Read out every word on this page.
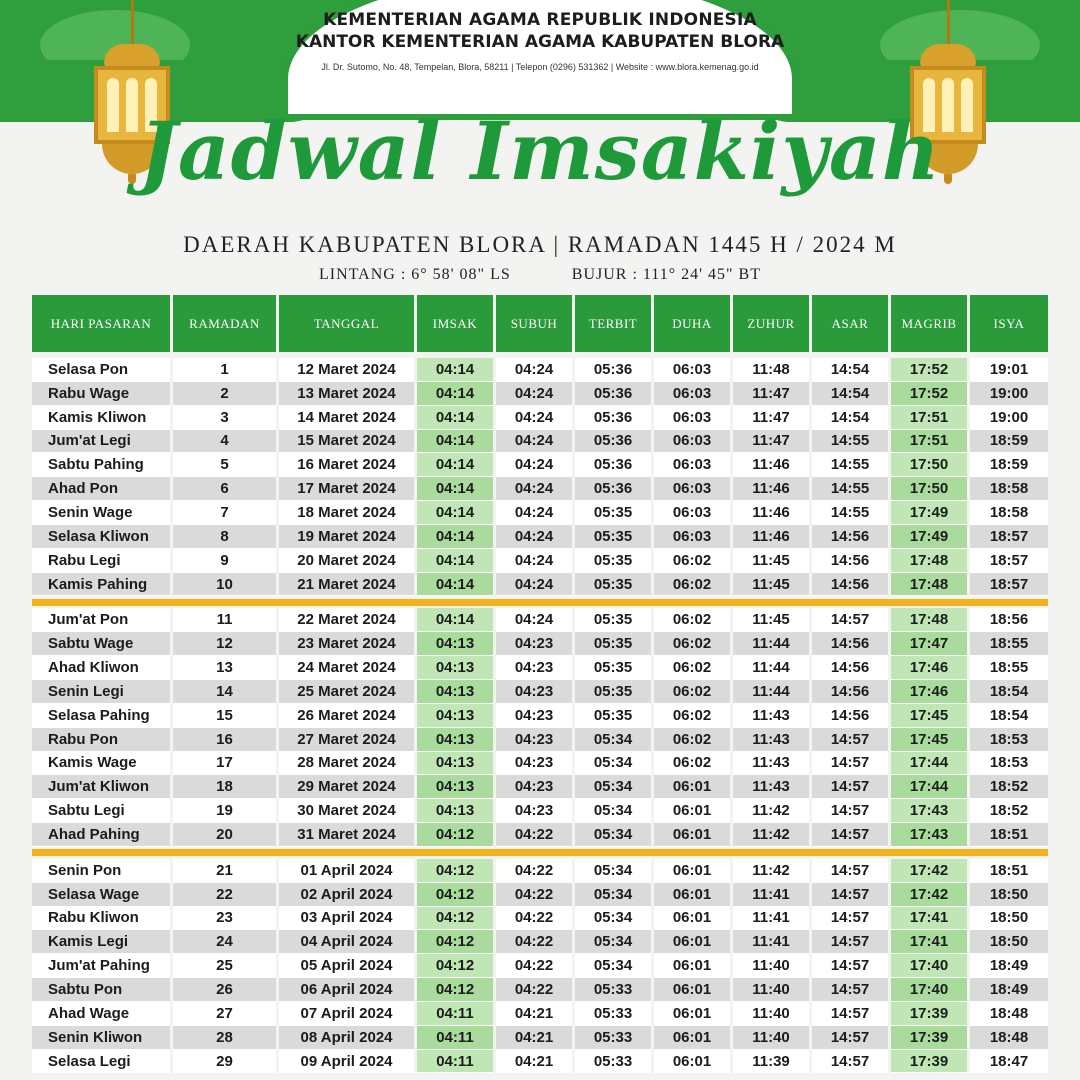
KEMENTERIAN AGAMA REPUBLIK INDONESIA
KANTOR KEMENTERIAN AGAMA KABUPATEN BLORA
Jl. Dr. Sutomo, No. 48, Tempelan, Blora, 58211 | Telepon (0296) 531362 | Website : www.blora.kemenag.go.id
Jadwal Imsakiyah
DAERAH KABUPATEN BLORA | RAMADAN 1445 H / 2024 M
LINTANG : 6° 58' 08" LS	BUJUR : 111° 24' 45" BT
HARI PASARAN	RAMADAN	TANGGAL	IMSAK	SUBUH	TERBIT	DUHA	ZUHUR	ASAR	MAGRIB	ISYA
Selasa Pon	1	12 Maret 2024	04:14	04:24	05:36	06:03	11:48	14:54	17:52	19:01
Rabu Wage	2	13 Maret 2024	04:14	04:24	05:36	06:03	11:47	14:54	17:52	19:00
Kamis Kliwon	3	14 Maret 2024	04:14	04:24	05:36	06:03	11:47	14:54	17:51	19:00
Jum'at Legi	4	15 Maret 2024	04:14	04:24	05:36	06:03	11:47	14:55	17:51	18:59
Sabtu Pahing	5	16 Maret 2024	04:14	04:24	05:36	06:03	11:46	14:55	17:50	18:59
Ahad Pon	6	17 Maret 2024	04:14	04:24	05:36	06:03	11:46	14:55	17:50	18:58
Senin Wage	7	18 Maret 2024	04:14	04:24	05:35	06:03	11:46	14:55	17:49	18:58
Selasa Kliwon	8	19 Maret 2024	04:14	04:24	05:35	06:03	11:46	14:56	17:49	18:57
Rabu Legi	9	20 Maret 2024	04:14	04:24	05:35	06:02	11:45	14:56	17:48	18:57
Kamis Pahing	10	21 Maret 2024	04:14	04:24	05:35	06:02	11:45	14:56	17:48	18:57
Jum'at Pon	11	22 Maret 2024	04:14	04:24	05:35	06:02	11:45	14:57	17:48	18:56
Sabtu Wage	12	23 Maret 2024	04:13	04:23	05:35	06:02	11:44	14:56	17:47	18:55
Ahad Kliwon	13	24 Maret 2024	04:13	04:23	05:35	06:02	11:44	14:56	17:46	18:55
Senin Legi	14	25 Maret 2024	04:13	04:23	05:35	06:02	11:44	14:56	17:46	18:54
Selasa Pahing	15	26 Maret 2024	04:13	04:23	05:35	06:02	11:43	14:56	17:45	18:54
Rabu Pon	16	27 Maret 2024	04:13	04:23	05:34	06:02	11:43	14:57	17:45	18:53
Kamis Wage	17	28 Maret 2024	04:13	04:23	05:34	06:02	11:43	14:57	17:44	18:53
Jum'at Kliwon	18	29 Maret 2024	04:13	04:23	05:34	06:01	11:43	14:57	17:44	18:52
Sabtu Legi	19	30 Maret 2024	04:13	04:23	05:34	06:01	11:42	14:57	17:43	18:52
Ahad Pahing	20	31 Maret 2024	04:12	04:22	05:34	06:01	11:42	14:57	17:43	18:51
Senin Pon	21	01 April 2024	04:12	04:22	05:34	06:01	11:42	14:57	17:42	18:51
Selasa Wage	22	02 April 2024	04:12	04:22	05:34	06:01	11:41	14:57	17:42	18:50
Rabu Kliwon	23	03 April 2024	04:12	04:22	05:34	06:01	11:41	14:57	17:41	18:50
Kamis Legi	24	04 April 2024	04:12	04:22	05:34	06:01	11:41	14:57	17:41	18:50
Jum'at Pahing	25	05 April 2024	04:12	04:22	05:34	06:01	11:40	14:57	17:40	18:49
Sabtu Pon	26	06 April 2024	04:12	04:22	05:33	06:01	11:40	14:57	17:40	18:49
Ahad Wage	27	07 April 2024	04:11	04:21	05:33	06:01	11:40	14:57	17:39	18:48
Senin Kliwon	28	08 April 2024	04:11	04:21	05:33	06:01	11:40	14:57	17:39	18:48
Selasa Legi	29	09 April 2024	04:11	04:21	05:33	06:01	11:39	14:57	17:39	18:47
